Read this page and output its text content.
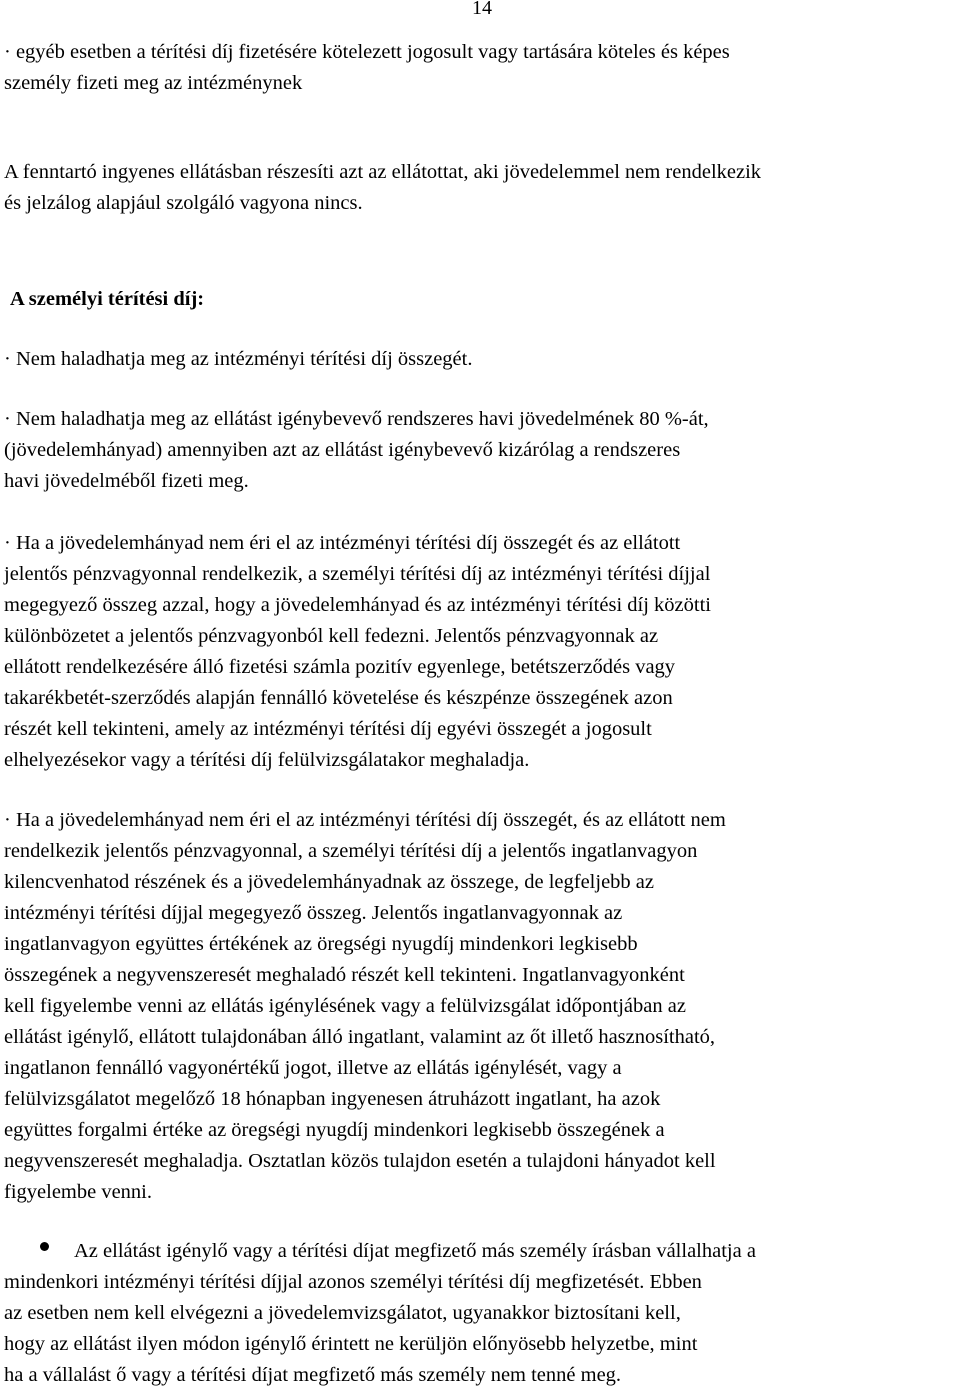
14
· egyéb esetben a térítési díj fizetésére kötelezett jogosult vagy tartására köteles és képes
személy fizeti meg az intézménynek
A fenntartó ingyenes ellátásban részesíti azt az ellátottat, aki jövedelemmel nem rendelkezik
és jelzálog alapjául szolgáló vagyona nincs.
A személyi térítési díj:
· Nem haladhatja meg az intézményi térítési díj összegét.
· Nem haladhatja meg az ellátást igénybevevő rendszeres havi jövedelmének 80 %-át,
(jövedelemhányad) amennyiben azt az ellátást igénybevevő kizárólag a rendszeres
havi jövedelméből fizeti meg.
· Ha a jövedelemhányad nem éri el az intézményi térítési díj összegét és az ellátott
jelentős pénzvagyonnal rendelkezik, a személyi térítési díj az intézményi térítési díjjal
megegyező összeg azzal, hogy a jövedelemhányad és az intézményi térítési díj közötti
különbözetet a jelentős pénzvagyonból kell fedezni. Jelentős pénzvagyonnak az
ellátott rendelkezésére álló fizetési számla pozitív egyenlege, betétszerződés vagy
takarékbetét-szerződés alapján fennálló követelése és készpénze összegének azon
részét kell tekinteni, amely az intézményi térítési díj egyévi összegét a jogosult
elhelyezésekor vagy a térítési díj felülvizsgálatakor meghaladja.
· Ha a jövedelemhányad nem éri el az intézményi térítési díj összegét, és az ellátott nem
rendelkezik jelentős pénzvagyonnal, a személyi térítési díj a jelentős ingatlanvagyon
kilencvenhatod részének és a jövedelemhányadnak az összege, de legfeljebb az
intézményi térítési díjjal megegyező összeg. Jelentős ingatlanvagyonnak az
ingatlanvagyon együttes értékének az öregségi nyugdíj mindenkori legkisebb
összegének a negyvenszeresét meghaladó részét kell tekinteni. Ingatlanvagyonként
kell figyelembe venni az ellátás igénylésének vagy a felülvizsgálat időpontjában az
ellátást igénylő, ellátott tulajdonában álló ingatlant, valamint az őt illető hasznosítható,
ingatlanon fennálló vagyonértékű jogot, illetve az ellátás igénylését, vagy a
felülvizsgálatot megelőző 18 hónapban ingyenesen átruházott ingatlant, ha azok
együttes forgalmi értéke az öregségi nyugdíj mindenkori legkisebb összegének a
negyvenszeresét meghaladja. Osztatlan közös tulajdon esetén a tulajdoni hányadot kell
figyelembe venni.
Az ellátást igénylő vagy a térítési díjat megfizető más személy írásban vállalhatja a
mindenkori intézményi térítési díjjal azonos személyi térítési díj megfizetését. Ebben
az esetben nem kell elvégezni a jövedelemvizsgálatot, ugyanakkor biztosítani kell,
hogy az ellátást ilyen módon igénylő érintett ne kerüljön előnyösebb helyzetbe, mint
ha a vállalást ő vagy a térítési díjat megfizető más személy nem tenné meg.
